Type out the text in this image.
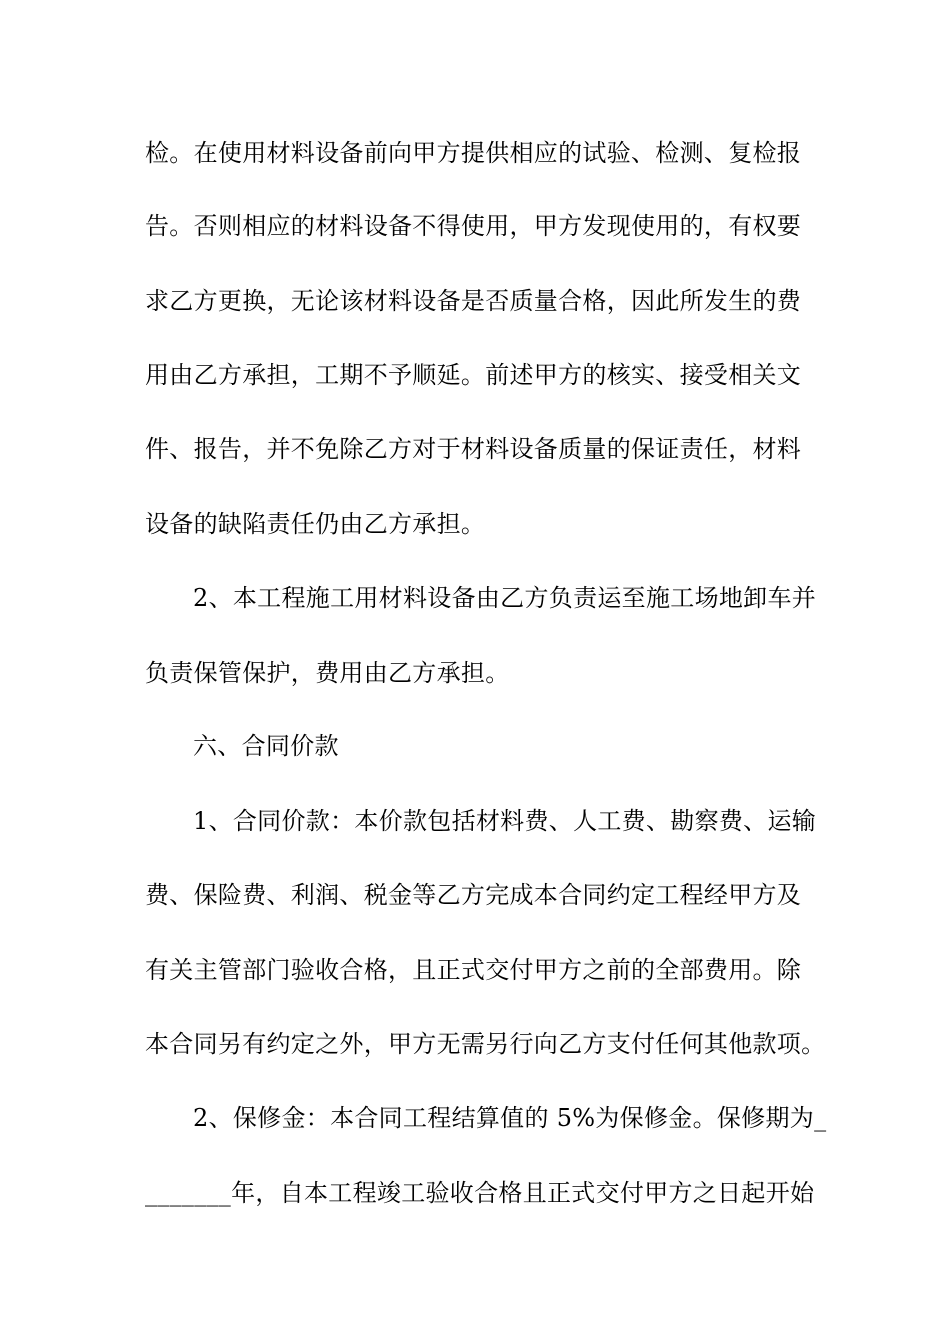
检。在使用材料设备前向甲方提供相应的试验、检测、复检报
告。否则相应的材料设备不得使用，甲方发现使用的，有权要
求乙方更换，无论该材料设备是否质量合格，因此所发生的费
用由乙方承担，工期不予顺延。前述甲方的核实、接受相关文
件、报告，并不免除乙方对于材料设备质量的保证责任，材料
设备的缺陷责任仍由乙方承担。
2、本工程施工用材料设备由乙方负责运至施工场地卸车并
负责保管保护，费用由乙方承担。
六、合同价款
1、合同价款：本价款包括材料费、人工费、勘察费、运输
费、保险费、利润、税金等乙方完成本合同约定工程经甲方及
有关主管部门验收合格，且正式交付甲方之前的全部费用。除
本合同另有约定之外，甲方无需另行向乙方支付任何其他款项。
2、保修金：本合同工程结算值的 5%为保修金。保修期为_
_______年，自本工程竣工验收合格且正式交付甲方之日起开始
